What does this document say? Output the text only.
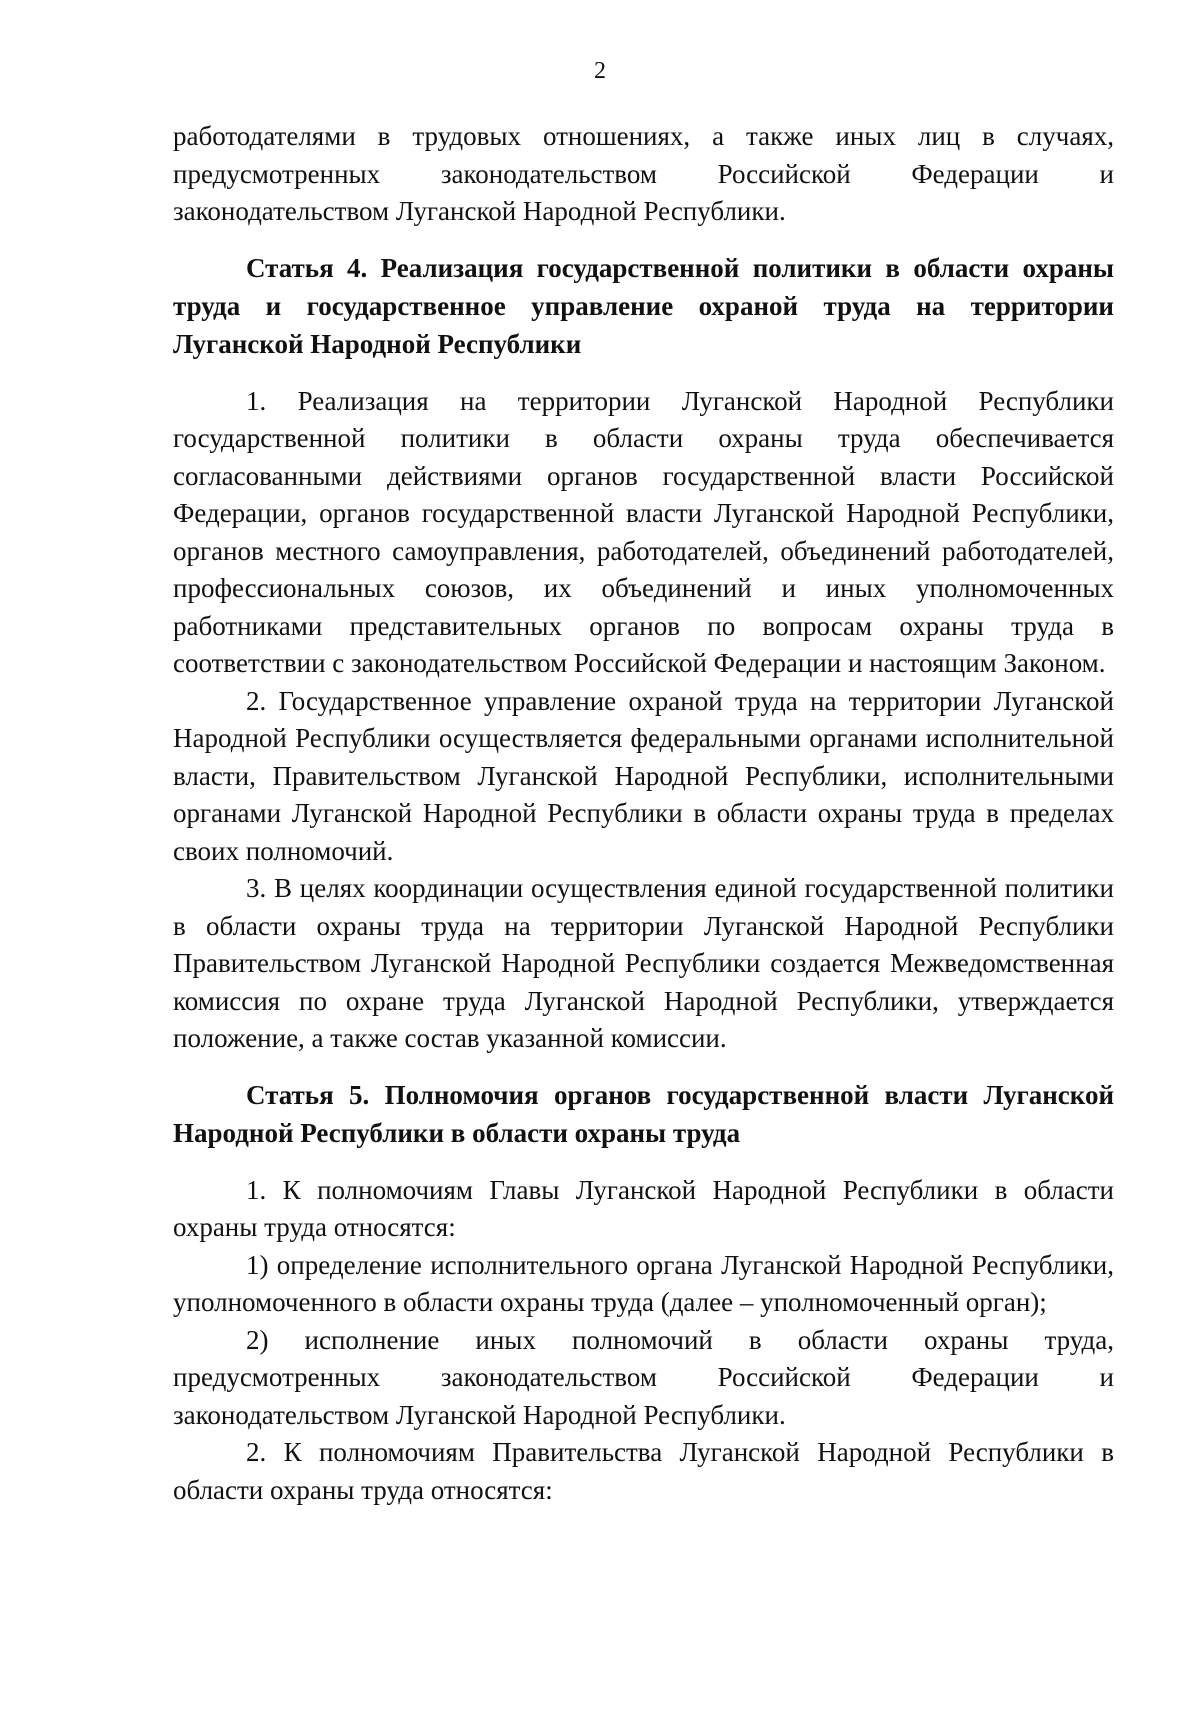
2

работодателями в трудовых отношениях, а также иных лиц в случаях, предусмотренных законодательством Российской Федерации и законодательством Луганской Народной Республики.

Статья 4. Реализация государственной политики в области охраны труда и государственное управление охраной труда на территории Луганской Народной Республики

1. Реализация на территории Луганской Народной Республики государственной политики в области охраны труда обеспечивается согласованными действиями органов государственной власти Российской Федерации, органов государственной власти Луганской Народной Республики, органов местного самоуправления, работодателей, объединений работодателей, профессиональных союзов, их объединений и иных уполномоченных работниками представительных органов по вопросам охраны труда в соответствии с законодательством Российской Федерации и настоящим Законом.

2. Государственное управление охраной труда на территории Луганской Народной Республики осуществляется федеральными органами исполнительной власти, Правительством Луганской Народной Республики, исполнительными органами Луганской Народной Республики в области охраны труда в пределах своих полномочий.

3. В целях координации осуществления единой государственной политики в области охраны труда на территории Луганской Народной Республики Правительством Луганской Народной Республики создается Межведомственная комиссия по охране труда Луганской Народной Республики, утверждается положение, а также состав указанной комиссии.

Статья 5. Полномочия органов государственной власти Луганской Народной Республики в области охраны труда

1. К полномочиям Главы Луганской Народной Республики в области охраны труда относятся:

1) определение исполнительного органа Луганской Народной Республики, уполномоченного в области охраны труда (далее – уполномоченный орган);

2) исполнение иных полномочий в области охраны труда, предусмотренных законодательством Российской Федерации и законодательством Луганской Народной Республики.

2. К полномочиям Правительства Луганской Народной Республики в области охраны труда относятся:
